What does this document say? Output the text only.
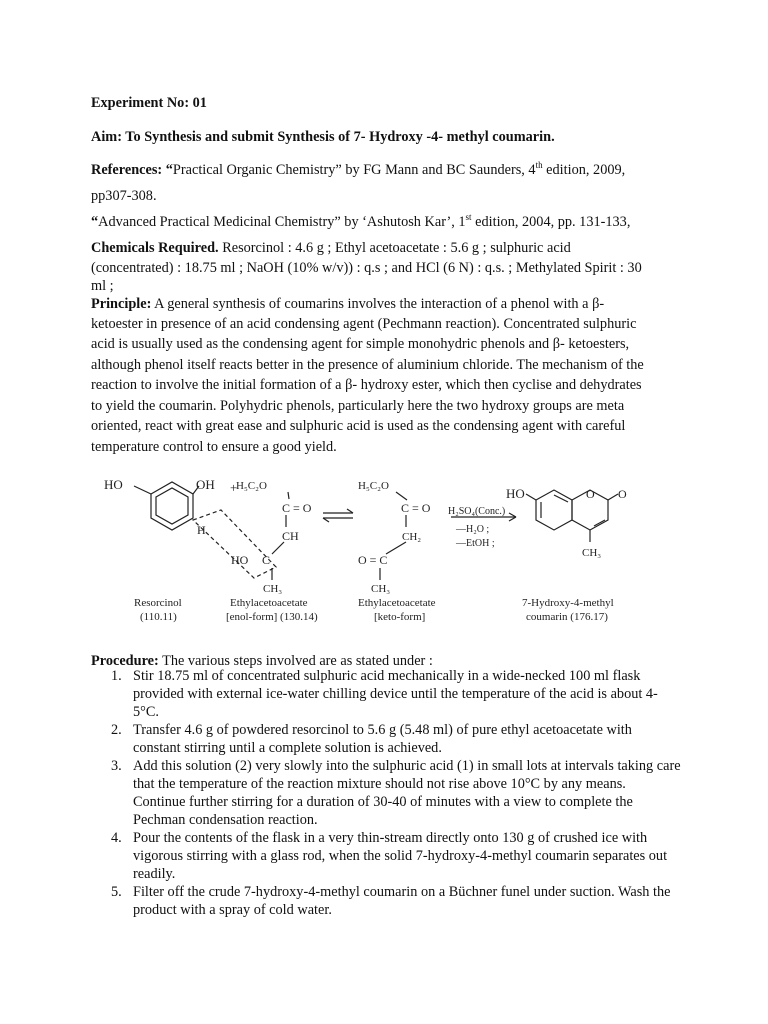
Experiment No: 01
Aim: To Synthesis and submit Synthesis of 7- Hydroxy -4- methyl coumarin.
References: “Practical Organic Chemistry” by FG Mann and BC Saunders, 4th edition, 2009,
pp307-308.
“Advanced Practical Medicinal Chemistry” by ‘Ashutosh Kar’, 1st edition, 2004, pp. 131-133,
Chemicals Required. Resorcinol : 4.6 g ; Ethyl acetoacetate : 5.6 g ; sulphuric acid
(concentrated) : 18.75 ml ; NaOH (10% w/v)) : q.s ; and HCl (6 N) : q.s. ; Methylated Spirit : 30
ml ;
Principle: A general synthesis of coumarins involves the interaction of a phenol with a β-
ketoester in presence of an acid condensing agent (Pechmann reaction). Concentrated sulphuric
acid is usually used as the condensing agent for simple monohydric phenols and β- ketoesters,
although phenol itself reacts better in the presence of aluminium chloride. The mechanism of the
reaction to involve the initial formation of a β- hydroxy ester, which then cyclise and dehydrates
to yield the coumarin. Polyhydric phenols, particularly here the two hydroxy groups are meta
oriented, react with great ease and sulphuric acid is used as the condensing agent with careful
temperature control to ensure a good yield.
HO	OH
H
+
H₅C₂O
C = O
CH
HO C
CH₃
H₅C₂O
C = O
CH₂
O = C
CH₃
H₂SO₄(Conc.)
—H₂O ;
—EtOH ;
HO	O O
CH₃
Resorcinol
(110.11)
Ethylacetoacetate
[enol-form] (130.14)
Ethylacetoacetate
[keto-form]
7-Hydroxy-4-methyl
coumarin (176.17)
Procedure: The various steps involved are as stated under :
1. Stir 18.75 ml of concentrated sulphuric acid mechanically in a wide-necked 100 ml flask provided with external ice-water chilling device until the temperature of the acid is about 4-5°C.
2. Transfer 4.6 g of powdered resorcinol to 5.6 g (5.48 ml) of pure ethyl acetoacetate with constant stirring until a complete solution is achieved.
3. Add this solution (2) very slowly into the sulphuric acid (1) in small lots at intervals taking care that the temperature of the reaction mixture should not rise above 10°C by any means. Continue further stirring for a duration of 30-40 of minutes with a view to complete the Pechman condensation reaction.
4. Pour the contents of the flask in a very thin-stream directly onto 130 g of crushed ice with vigorous stirring with a glass rod, when the solid 7-hydroxy-4-methyl coumarin separates out readily.
5. Filter off the crude 7-hydroxy-4-methyl coumarin on a Büchner funel under suction. Wash the product with a spray of cold water.
